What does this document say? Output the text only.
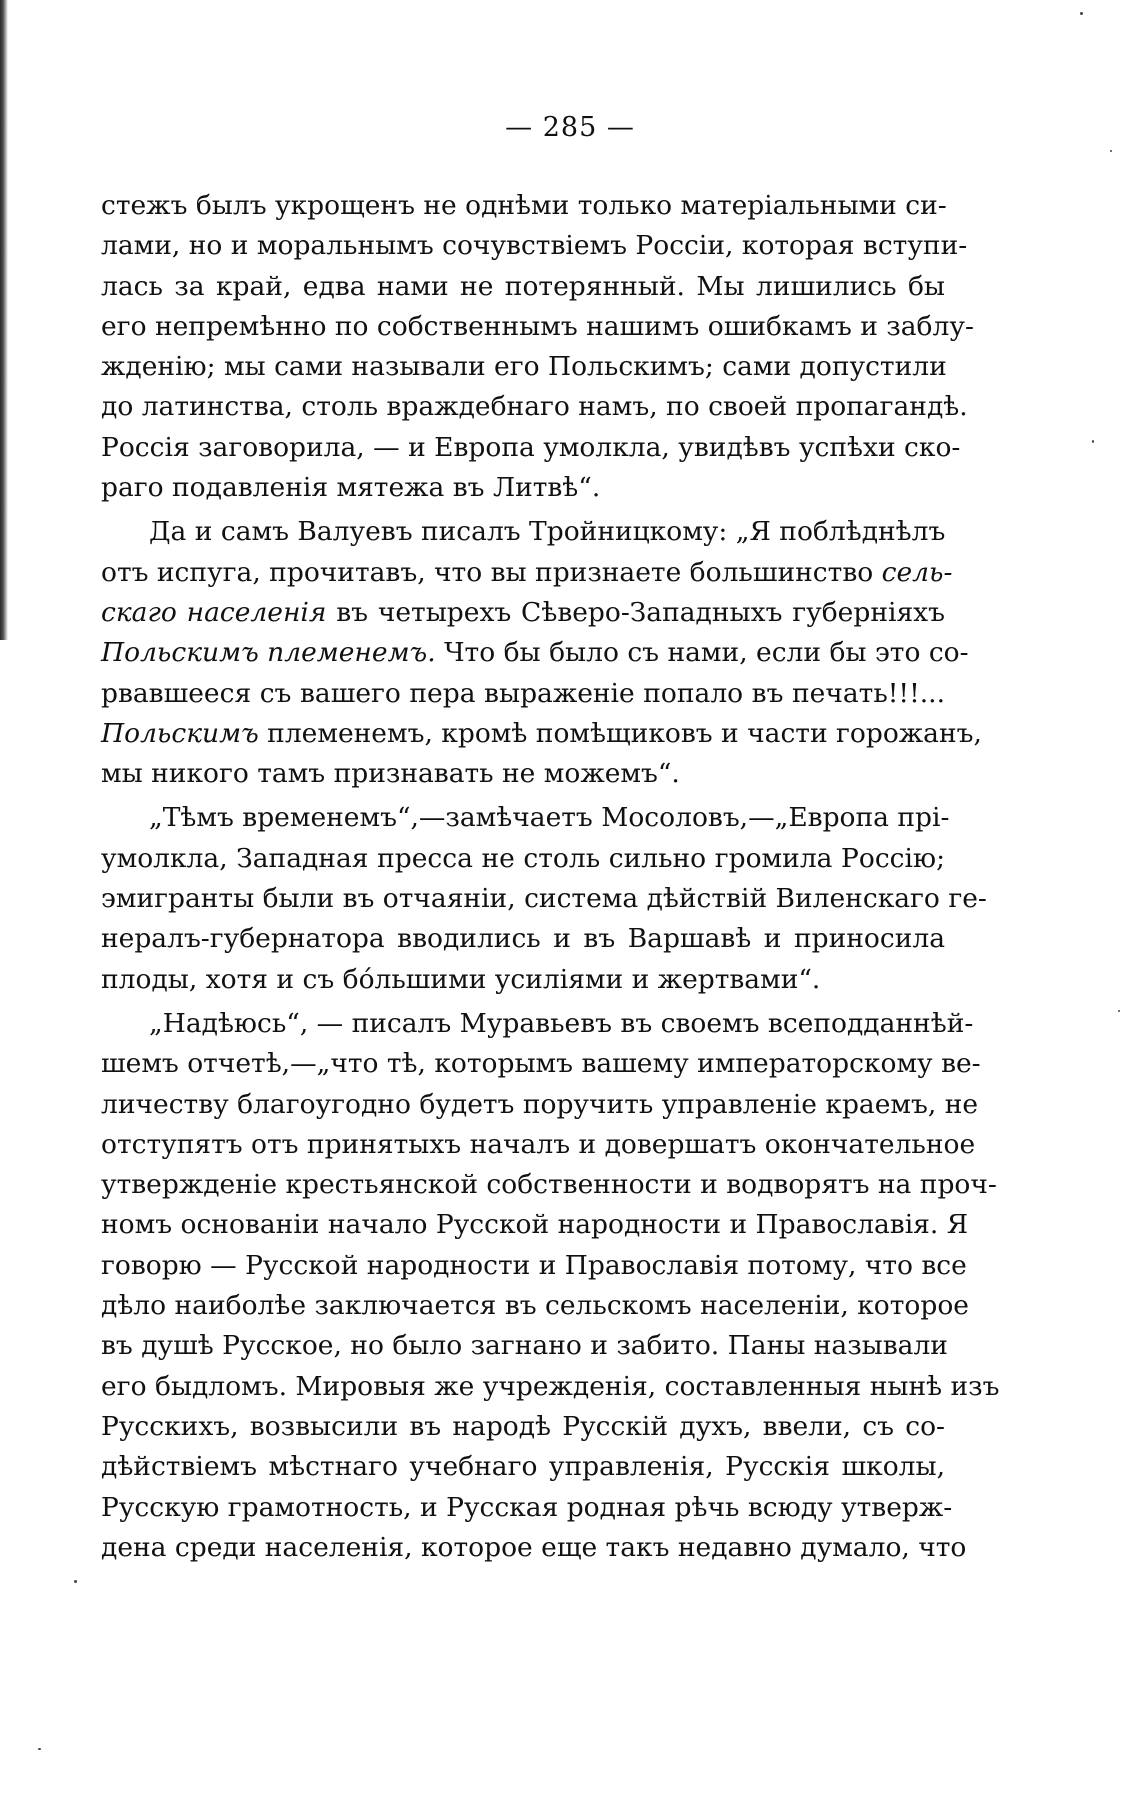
— 285 —
стежъ былъ укрощенъ не однѣми только матеріальными си-
лами, но и моральнымъ сочувствіемъ Россіи, которая вступи-
лась за край, едва нами не потерянный. Мы лишились бы
его непремѣнно по собственнымъ нашимъ ошибкамъ и заблу-
жденію; мы сами называли его Польскимъ; сами допустили
до латинства, столь враждебнаго намъ, по своей пропагандѣ.
Россія заговорила, — и Европа умолкла, увидѣвъ успѣхи ско-
раго подавленія мятежа въ Литвѣ“.
Да и самъ Валуевъ писалъ Тройницкому: „Я поблѣднѣлъ
отъ испуга, прочитавъ, что вы признаете большинство сель-
скаго населенія въ четырехъ Сѣверо-Западныхъ губерніяхъ
Польскимъ племенемъ. Что бы было съ нами, если бы это со-
рвавшееся съ вашего пера выраженіе попало въ печать!!!...
Польскимъ племенемъ, кромѣ помѣщиковъ и части горожанъ,
мы никого тамъ признавать не можемъ“.
„Тѣмъ временемъ“,—замѣчаетъ Мосоловъ,—„Европа прі-
умолкла, Западная пресса не столь сильно громила Россію;
эмигранты были въ отчаяніи, система дѣйствій Виленскаго ге-
нералъ-губернатора вводились и въ Варшавѣ и приносила
плоды, хотя и съ бóльшими усиліями и жертвами“.
„Надѣюсь“, — писалъ Муравьевъ въ своемъ всеподданнѣй-
шемъ отчетѣ,—„что тѣ, которымъ вашему императорскому ве-
личеству благоугодно будетъ поручить управленіе краемъ, не
отступятъ отъ принятыхъ началъ и довершатъ окончательное
утвержденіе крестьянской собственности и водворятъ на проч-
номъ основаніи начало Русской народности и Православія. Я
говорю — Русской народности и Православія потому, что все
дѣло наиболѣе заключается въ сельскомъ населеніи, которое
въ душѣ Русское, но было загнано и забито. Паны называли
его быдломъ. Мировыя же учрежденія, составленныя нынѣ изъ
Русскихъ, возвысили въ народѣ Русскій духъ, ввели, съ со-
дѣйствіемъ мѣстнаго учебнаго управленія, Русскія школы,
Русскую грамотность, и Русская родная рѣчь всюду утверж-
дена среди населенія, которое еще такъ недавно думало, что
